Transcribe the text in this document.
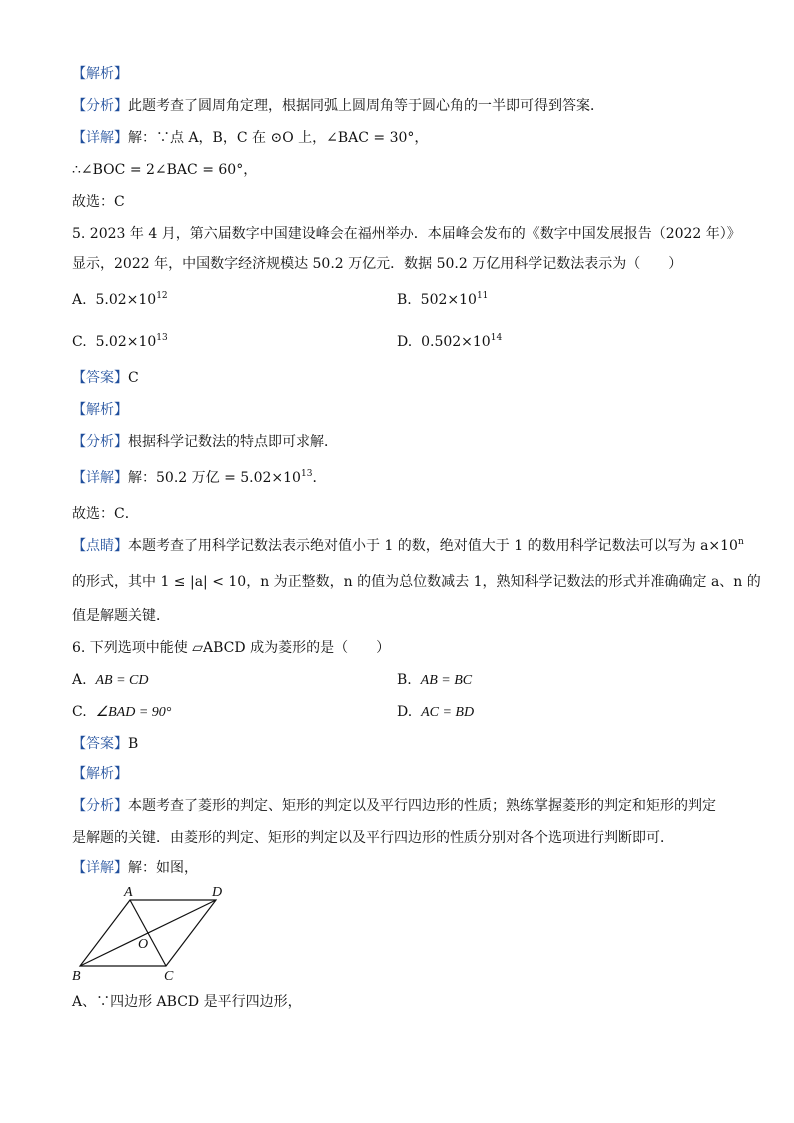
【解析】
【分析】此题考查了圆周角定理，根据同弧上圆周角等于圆心角的一半即可得到答案．
【详解】解：∵点 A，B，C 在 ⊙O 上，∠BAC = 30°，
∴∠BOC = 2∠BAC = 60°，
故选：C
5. 2023 年 4 月，第六届数字中国建设峰会在福州举办．本届峰会发布的《数字中国发展报告（2022 年）》
显示，2022 年，中国数字经济规模达 50.2 万亿元．数据 50.2 万亿用科学记数法表示为（　　）
A. $5.02\times 10^{12}$	B. $502\times 10^{11}$
C. $5.02\times 10^{13}$	D. $0.502\times 10^{14}$
【答案】C
【解析】
【分析】根据科学记数法的特点即可求解．
【详解】解：50.2 万亿 = $5.02\times 10^{13}$．
故选：C．
【点睛】本题考查了用科学记数法表示绝对值小于 1 的数，绝对值大于 1 的数用科学记数法可以写为 $a\times 10^n$
的形式，其中 1 ≤ |a| < 10，n 为正整数，n 的值为总位数减去 1，熟知科学记数法的形式并准确确定 a、n 的
值是解题关键．
6. 下列选项中能使 ▱ABCD 成为菱形的是（　　）
A. AB = CD	B. AB = BC
C. ∠BAD = 90°	D. AC = BD
【答案】B
【解析】
【分析】本题考查了菱形的判定、矩形的判定以及平行四边形的性质；熟练掌握菱形的判定和矩形的判定
是解题的关键．由菱形的判定、矩形的判定以及平行四边形的性质分别对各个选项进行判断即可．
【详解】解：如图，
A	D
B	C
O
A、∵四边形 ABCD 是平行四边形，
